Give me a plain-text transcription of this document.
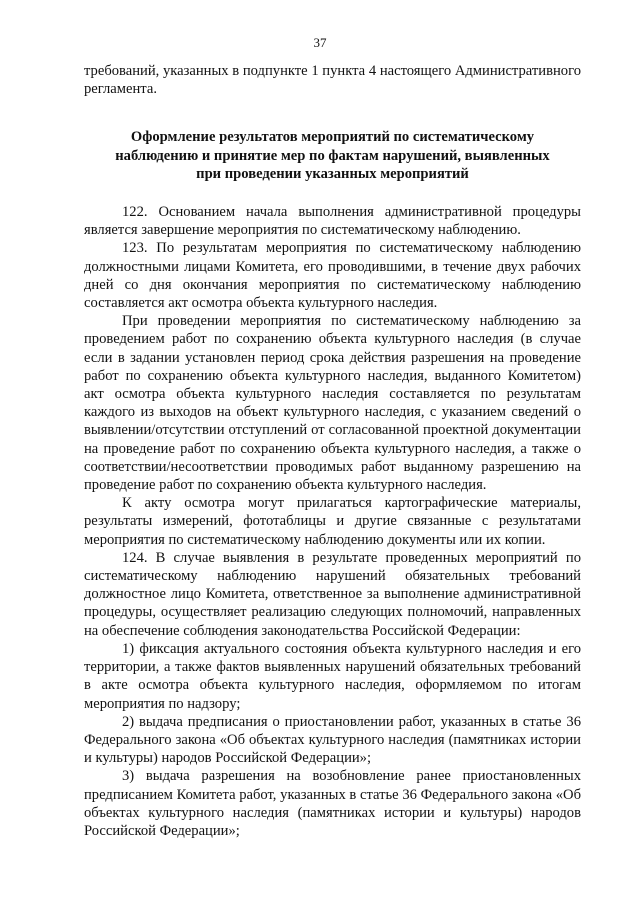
37

требований, указанных в подпункте 1 пункта 4 настоящего Административного регламента.

Оформление результатов мероприятий по систематическому
наблюдению и принятие мер по фактам нарушений, выявленных
при проведении указанных мероприятий

122. Основанием начала выполнения административной процедуры является завершение мероприятия по систематическому наблюдению.

123. По результатам мероприятия по систематическому наблюдению должностными лицами Комитета, его проводившими, в течение двух рабочих дней со дня окончания мероприятия по систематическому наблюдению составляется акт осмотра объекта культурного наследия.

При проведении мероприятия по систематическому наблюдению за проведением работ по сохранению объекта культурного наследия (в случае если в задании установлен период срока действия разрешения на проведение работ по сохранению объекта культурного наследия, выданного Комитетом) акт осмотра объекта культурного наследия составляется по результатам каждого из выходов на объект культурного наследия, с указанием сведений о выявлении/отсутствии отступлений от согласованной проектной документации на проведение работ по сохранению объекта культурного наследия, а также о соответствии/несоответствии проводимых работ выданному разрешению на проведение работ по сохранению объекта культурного наследия.

К акту осмотра могут прилагаться картографические материалы, результаты измерений, фототаблицы и другие связанные с результатами мероприятия по систематическому наблюдению документы или их копии.

124. В случае выявления в результате проведенных мероприятий по систематическому наблюдению нарушений обязательных требований должностное лицо Комитета, ответственное за выполнение административной процедуры, осуществляет реализацию следующих полномочий, направленных на обеспечение соблюдения законодательства Российской Федерации:

1) фиксация актуального состояния объекта культурного наследия и его территории, а также фактов выявленных нарушений обязательных требований в акте осмотра объекта культурного наследия, оформляемом по итогам мероприятия по надзору;

2) выдача предписания о приостановлении работ, указанных в статье 36 Федерального закона «Об объектах культурного наследия (памятниках истории и культуры) народов Российской Федерации»;

3) выдача разрешения на возобновление ранее приостановленных предписанием Комитета работ, указанных в статье 36 Федерального закона «Об объектах культурного наследия (памятниках истории и культуры) народов Российской Федерации»;
